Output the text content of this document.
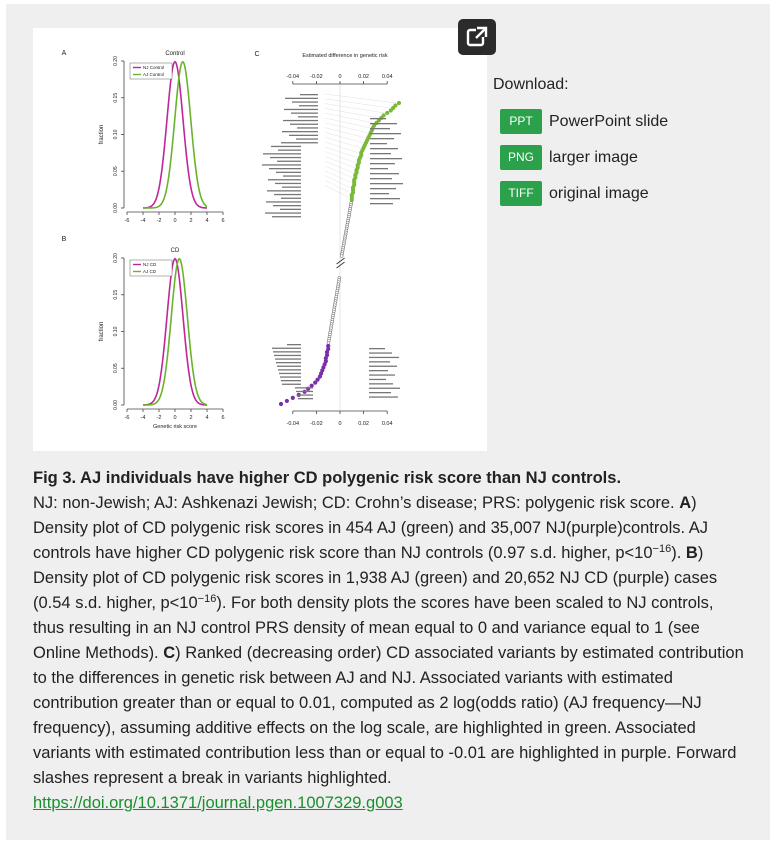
A	Control
0.00
0.05
0.10
0.15
0.20
fraction
-6 -4 -2 0 2 4 6
NJ Control
AJ Control
B
CD
0.00
0.05
0.10
0.15
0.20
fraction
-6 -4 -2 0 2 4 6
Genetic risk score
NJ CD
AJ CD
C	Estimated difference in genetic risk
-0.04
-0.04
-0.02
-0.02
0
0
0.02
0.02
0.04
0.04
Download:
PPT	PowerPoint slide
PNG larger image
TIFF original image
Fig 3. AJ individuals have higher CD polygenic risk score than NJ controls.
NJ: non-Jewish; AJ: Ashkenazi Jewish; CD: Crohn’s disease; PRS: polygenic risk score. A) Density plot of CD polygenic risk scores in 454 AJ (green) and 35,007 NJ(purple)controls. AJ controls have higher CD polygenic risk score than NJ controls (0.97 s.d. higher, $p<10^{-16}$). B) Density plot of CD polygenic risk scores in 1,938 AJ (green) and 20,652 NJ CD (purple) cases (0.54 s.d. higher, $p<10^{-16}$). For both density plots the scores have been scaled to NJ controls, thus resulting in an NJ control PRS density of mean equal to 0 and variance equal to 1 (see Online Methods). C) Ranked (decreasing order) CD associated variants by estimated contribution to the differences in genetic risk between AJ and NJ. Associated variants with estimated contribution greater than or equal to 0.01, computed as 2 log(odds ratio) (AJ frequency—NJ frequency), assuming additive effects on the log scale, are highlighted in green. Associated variants with estimated contribution less than or equal to -0.01 are highlighted in purple. Forward slashes represent a break in variants highlighted.
https://doi.org/10.1371/journal.pgen.1007329.g003
